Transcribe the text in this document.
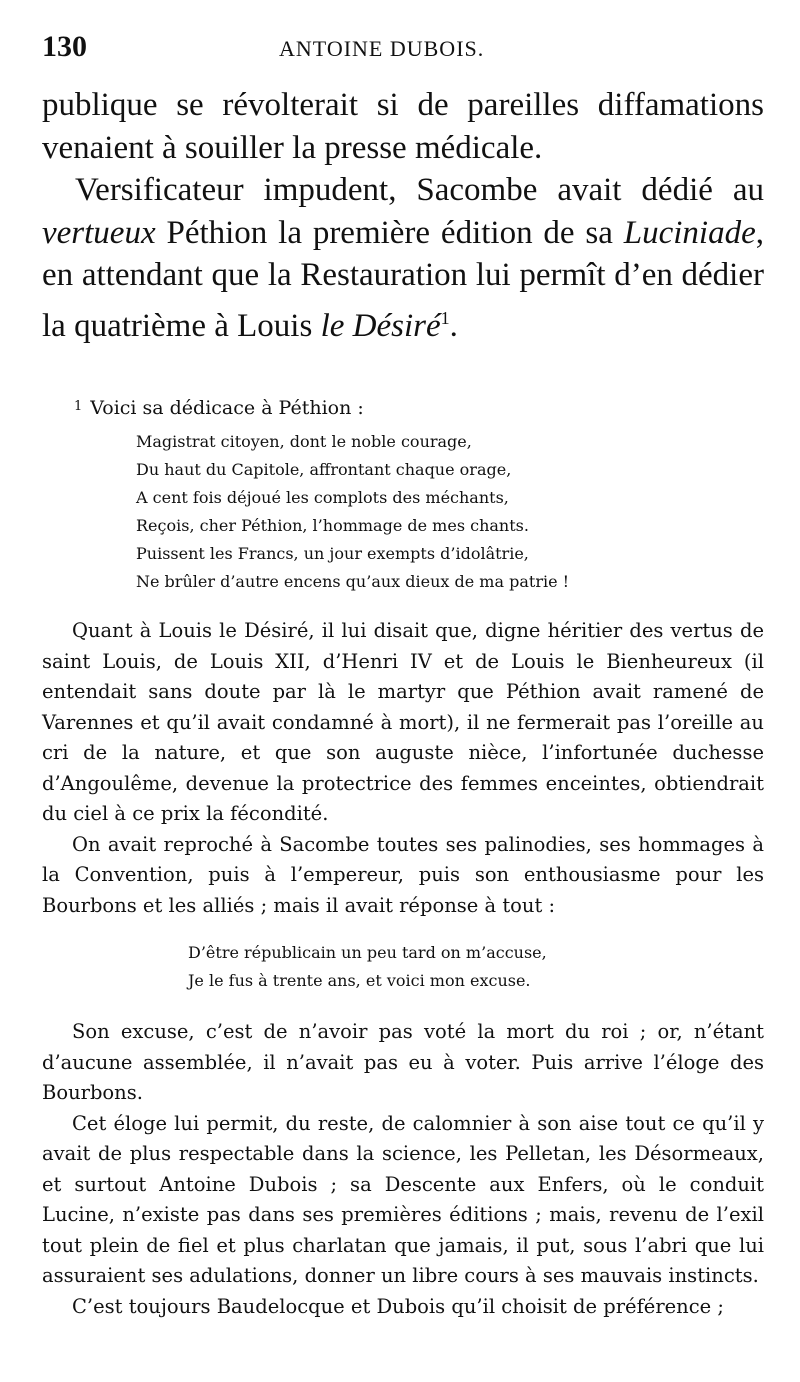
130	ANTOINE DUBOIS.

publique se révolterait si de pareilles diffamations venaient à souiller la presse médicale.

Versificateur impudent, Sacombe avait dédié au vertueux Péthion la première édition de sa Luciniade, en attendant que la Restauration lui permît d’en dédier la quatrième à Louis le Désiré$^1$.

$^1$ Voici sa dédicace à Péthion :
Magistrat citoyen, dont le noble courage,
Du haut du Capitole, affrontant chaque orage,
A cent fois déjoué les complots des méchants,
Reçois, cher Péthion, l’hommage de mes chants.
Puissent les Francs, un jour exempts d’idolâtrie,
Ne brûler d’autre encens qu’aux dieux de ma patrie !

Quant à Louis le Désiré, il lui disait que, digne héritier des vertus de saint Louis, de Louis XII, d’Henri IV et de Louis le Bienheureux (il entendait sans doute par là le martyr que Péthion avait ramené de Varennes et qu’il avait condamné à mort), il ne fermerait pas l’oreille au cri de la nature, et que son auguste nièce, l’infortunée duchesse d’Angoulême, devenue la protectrice des femmes enceintes, obtiendrait du ciel à ce prix la fécondité.

On avait reproché à Sacombe toutes ses palinodies, ses hommages à la Convention, puis à l’empereur, puis son enthousiasme pour les Bourbons et les alliés ; mais il avait réponse à tout :

D’être républicain un peu tard on m’accuse,
Je le fus à trente ans, et voici mon excuse.

Son excuse, c’est de n’avoir pas voté la mort du roi ; or, n’étant d’aucune assemblée, il n’avait pas eu à voter. Puis arrive l’éloge des Bourbons.

Cet éloge lui permit, du reste, de calomnier à son aise tout ce qu’il y avait de plus respectable dans la science, les Pelletan, les Désormeaux, et surtout Antoine Dubois ; sa Descente aux Enfers, où le conduit Lucine, n’existe pas dans ses premières éditions ; mais, revenu de l’exil tout plein de fiel et plus charlatan que jamais, il put, sous l’abri que lui assuraient ses adulations, donner un libre cours à ses mauvais instincts.

C’est toujours Baudelocque et Dubois qu’il choisit de préférence ;
